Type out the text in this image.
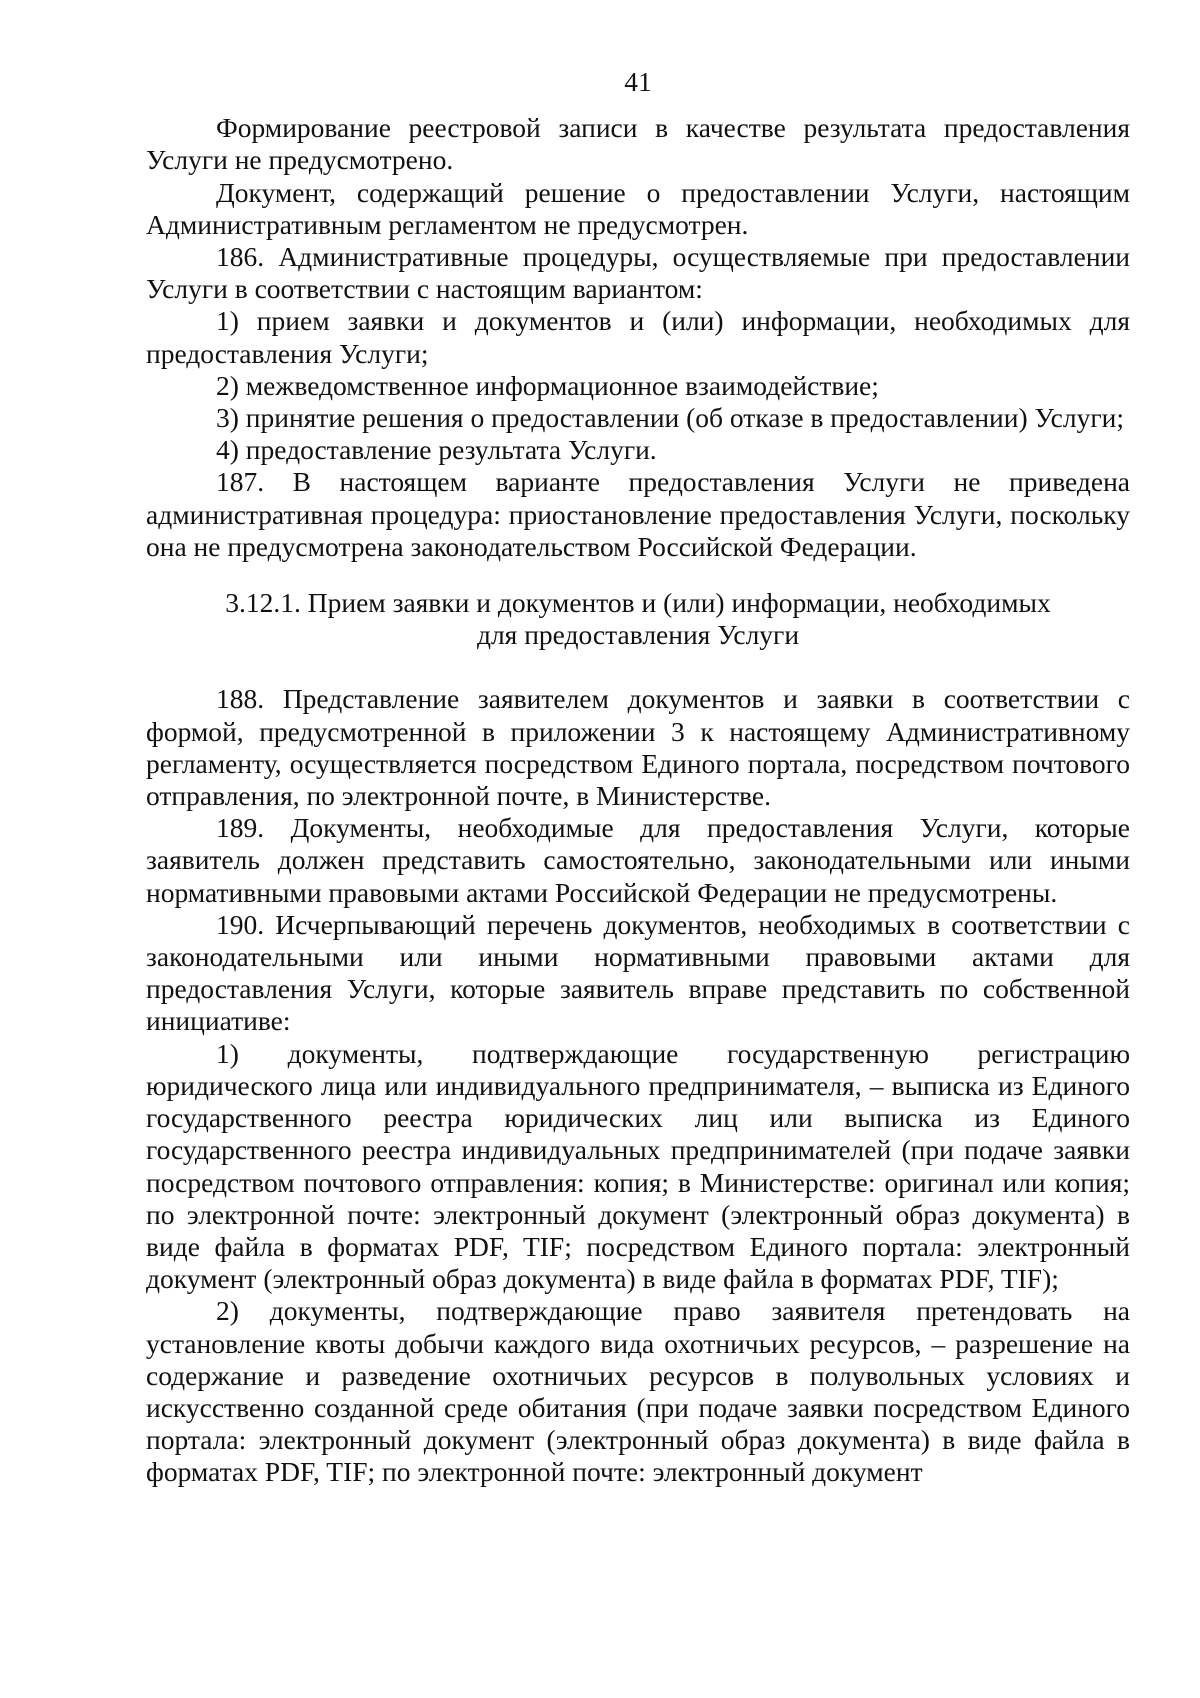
41

Формирование реестровой записи в качестве результата предоставления Услуги не предусмотрено.

Документ, содержащий решение о предоставлении Услуги, настоящим Административным регламентом не предусмотрен.

186. Административные процедуры, осуществляемые при предоставлении Услуги в соответствии с настоящим вариантом:

1) прием заявки и документов и (или) информации, необходимых для предоставления Услуги;

2) межведомственное информационное взаимодействие;

3) принятие решения о предоставлении (об отказе в предоставлении) Услуги;

4) предоставление результата Услуги.

187. В настоящем варианте предоставления Услуги не приведена административная процедура: приостановление предоставления Услуги, поскольку она не предусмотрена законодательством Российской Федерации.

3.12.1. Прием заявки и документов и (или) информации, необходимых
для предоставления Услуги

188. Представление заявителем документов и заявки в соответствии с формой, предусмотренной в приложении 3 к настоящему Административному регламенту, осуществляется посредством Единого портала, посредством почтового отправления, по электронной почте, в Министерстве.

189. Документы, необходимые для предоставления Услуги, которые заявитель должен представить самостоятельно, законодательными или иными нормативными правовыми актами Российской Федерации не предусмотрены.

190. Исчерпывающий перечень документов, необходимых в соответствии с законодательными или иными нормативными правовыми актами для предоставления Услуги, которые заявитель вправе представить по собственной инициативе:

1) документы, подтверждающие государственную регистрацию юридического лица или индивидуального предпринимателя, – выписка из Единого государственного реестра юридических лиц или выписка из Единого государственного реестра индивидуальных предпринимателей (при подаче заявки посредством почтового отправления: копия; в Министерстве: оригинал или копия; по электронной почте: электронный документ (электронный образ документа) в виде файла в форматах PDF, TIF; посредством Единого портала: электронный документ (электронный образ документа) в виде файла в форматах PDF, TIF);

2) документы, подтверждающие право заявителя претендовать на установление квоты добычи каждого вида охотничьих ресурсов, – разрешение на содержание и разведение охотничьих ресурсов в полувольных условиях и искусственно созданной среде обитания (при подаче заявки посредством Единого портала: электронный документ (электронный образ документа) в виде файла в форматах PDF, TIF; по электронной почте: электронный документ
